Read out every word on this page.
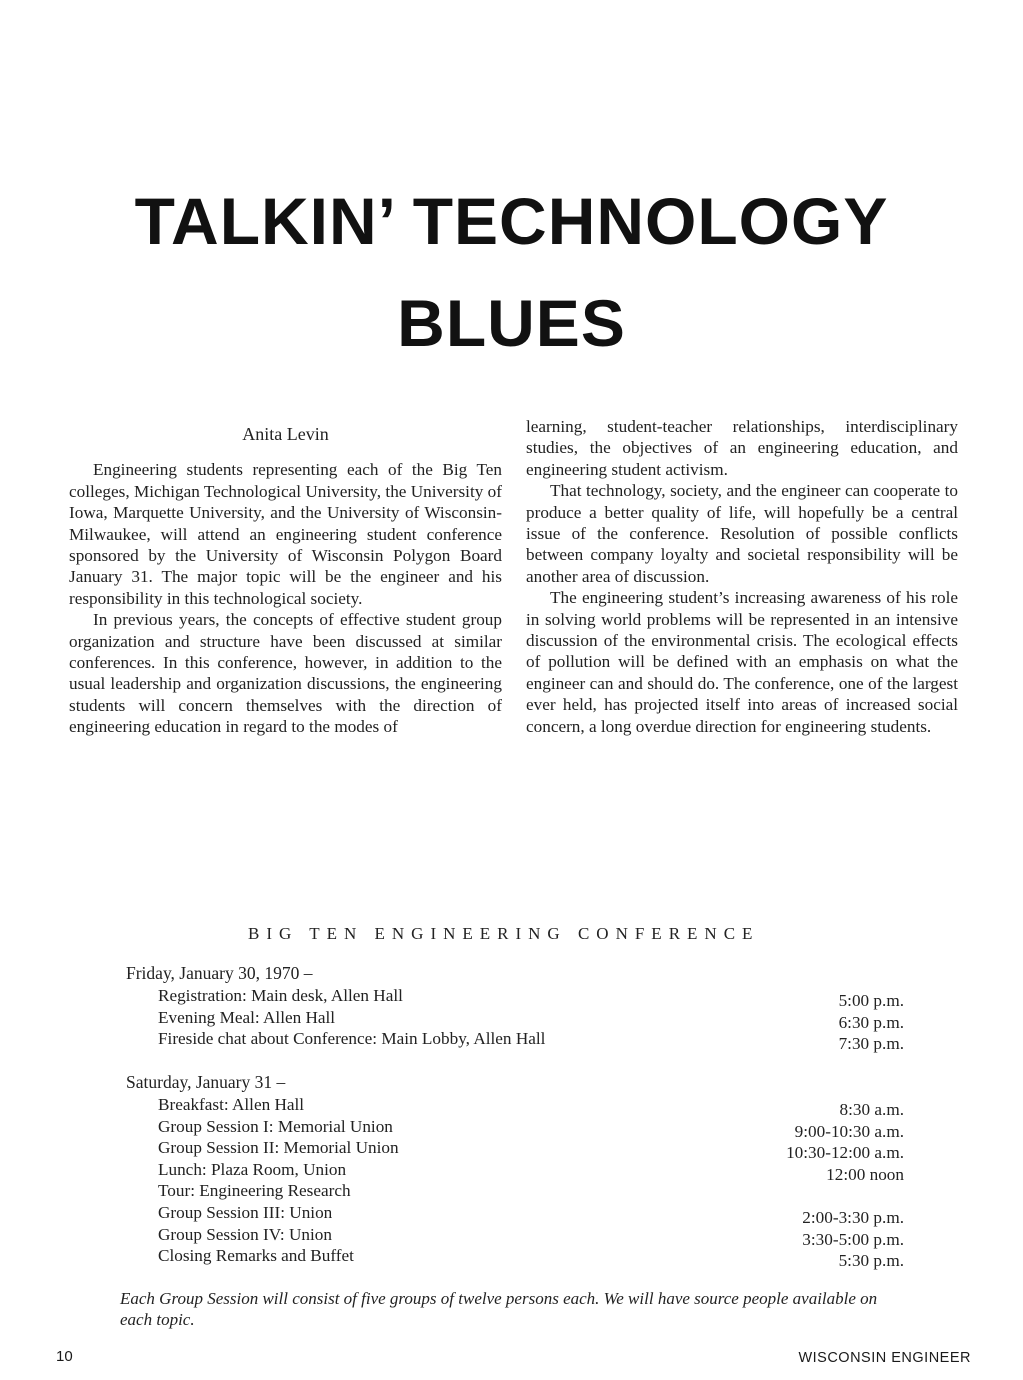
TALKIN’ TECHNOLOGY
BLUES
Anita Levin

Engineering students representing each of the Big Ten colleges, Michigan Technological University, the University of Iowa, Marquette University, and the University of Wisconsin-Milwaukee, will attend an engineering student conference sponsored by the University of Wisconsin Polygon Board January 31. The major topic will be the engineer and his responsibility in this technological society.

In previous years, the concepts of effective student group organization and structure have been discussed at similar conferences. In this conference, however, in addition to the usual leadership and organization discussions, the engineering students will concern themselves with the direction of engineering education in regard to the modes of

learning, student-teacher relationships, interdisciplinary studies, the objectives of an engineering education, and engineering student activism.

That technology, society, and the engineer can cooperate to produce a better quality of life, will hopefully be a central issue of the conference. Resolution of possible conflicts between company loyalty and societal responsibility will be another area of discussion.

The engineering student’s increasing awareness of his role in solving world problems will be represented in an intensive discussion of the environmental crisis. The ecological effects of pollution will be defined with an emphasis on what the engineer can and should do. The conference, one of the largest ever held, has projected itself into areas of increased social concern, a long overdue direction for engineering students.

BIG TEN ENGINEERING CONFERENCE
Friday, January 30, 1970 –
Registration: Main desk, Allen Hall	5:00 p.m.
Evening Meal: Allen Hall	6:30 p.m.
Fireside chat about Conference: Main Lobby, Allen Hall	7:30 p.m.
Saturday, January 31 –
Breakfast: Allen Hall	8:30 a.m.
Group Session I: Memorial Union	9:00-10:30 a.m.
Group Session II: Memorial Union	10:30-12:00 a.m.
Lunch: Plaza Room, Union	12:00 noon
Tour: Engineering Research
Group Session III: Union	2:00-3:30 p.m.
Group Session IV: Union	3:30-5:00 p.m.
Closing Remarks and Buffet	5:30 p.m.
Each Group Session will consist of five groups of twelve persons each. We will have source people available on each topic.
10	WISCONSIN ENGINEER
